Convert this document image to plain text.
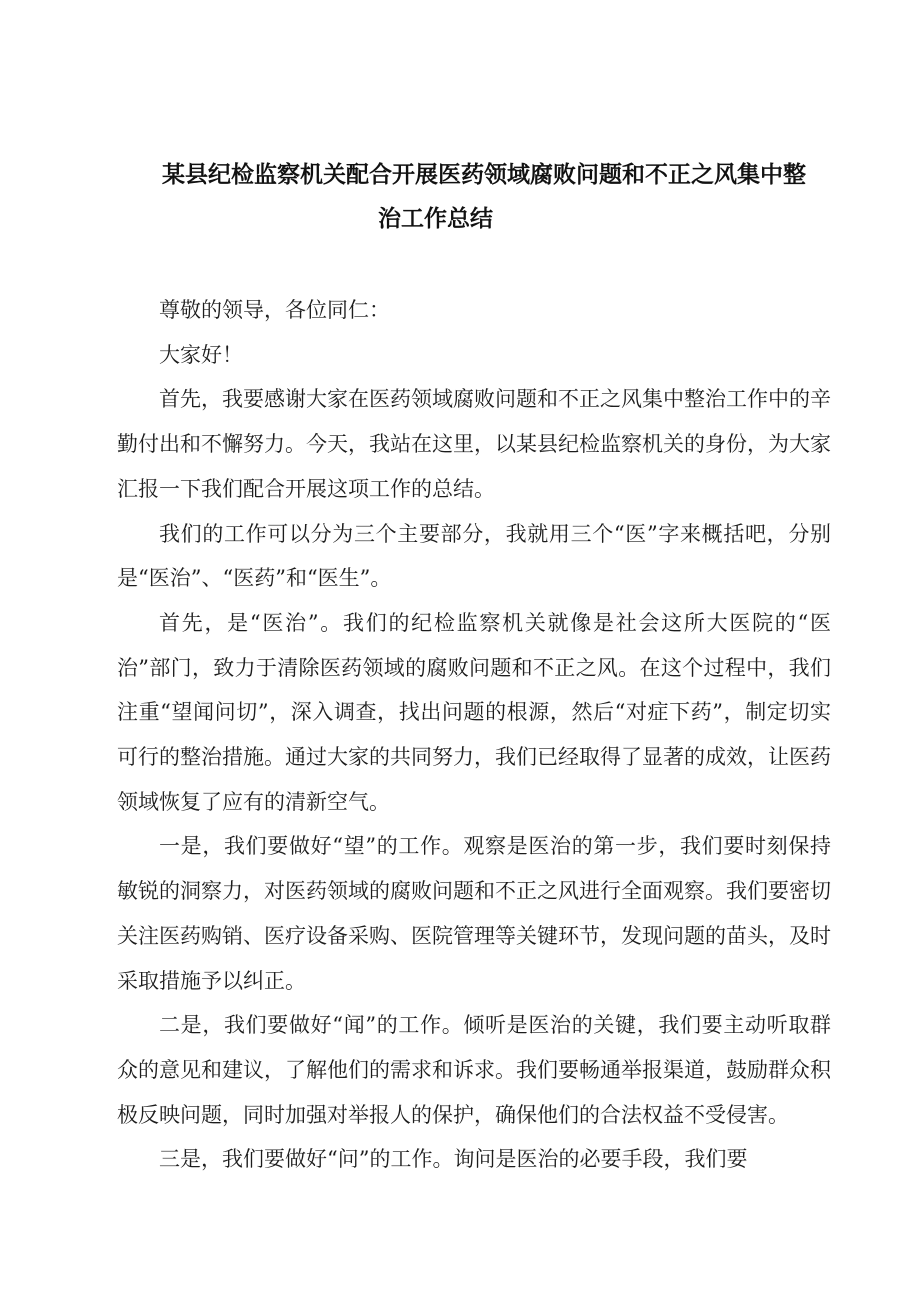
某县纪检监察机关配合开展医药领域腐败问题和不正之风集中整
治工作总结

尊敬的领导，各位同仁：

大家好！

首先，我要感谢大家在医药领域腐败问题和不正之风集中整治工作中的辛勤付出和不懈努力。今天，我站在这里，以某县纪检监察机关的身份，为大家汇报一下我们配合开展这项工作的总结。

我们的工作可以分为三个主要部分，我就用三个“医”字来概括吧，分别是“医治”、“医药”和“医生”。

首先，是“医治”。我们的纪检监察机关就像是社会这所大医院的“医治”部门，致力于清除医药领域的腐败问题和不正之风。在这个过程中，我们注重“望闻问切”，深入调查，找出问题的根源，然后“对症下药”，制定切实可行的整治措施。通过大家的共同努力，我们已经取得了显著的成效，让医药领域恢复了应有的清新空气。

一是，我们要做好“望”的工作。观察是医治的第一步，我们要时刻保持敏锐的洞察力，对医药领域的腐败问题和不正之风进行全面观察。我们要密切关注医药购销、医疗设备采购、医院管理等关键环节，发现问题的苗头，及时采取措施予以纠正。

二是，我们要做好“闻”的工作。倾听是医治的关键，我们要主动听取群众的意见和建议，了解他们的需求和诉求。我们要畅通举报渠道，鼓励群众积极反映问题，同时加强对举报人的保护，确保他们的合法权益不受侵害。

三是，我们要做好“问”的工作。询问是医治的必要手段，我们要
